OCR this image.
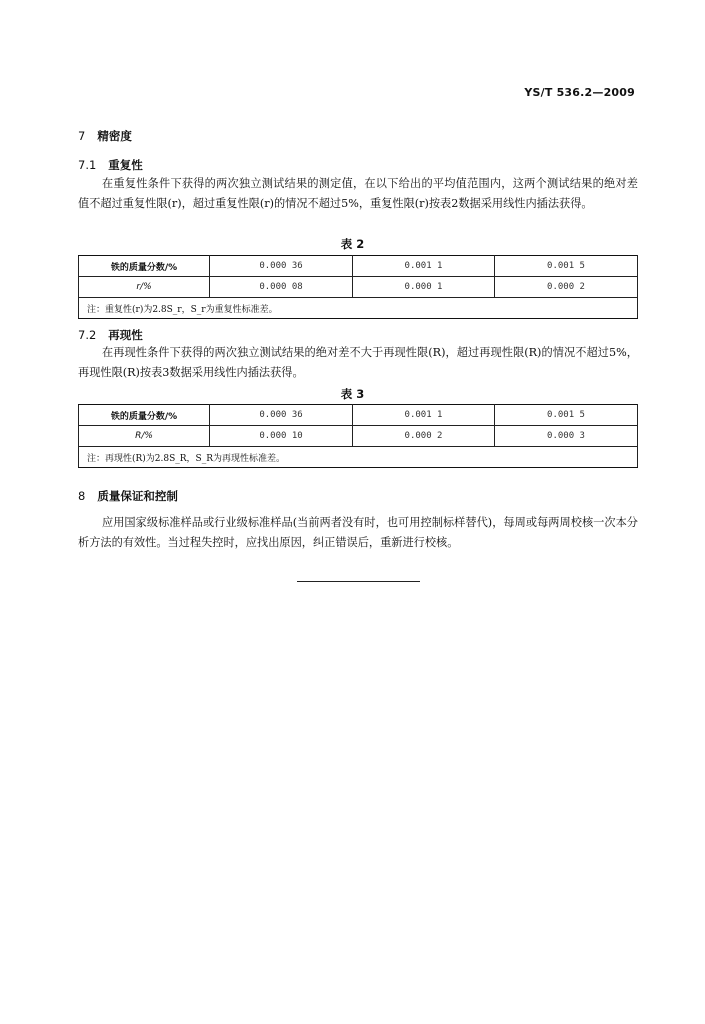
YS/T 536.2—2009
7 精密度
7.1 重复性
在重复性条件下获得的两次独立测试结果的测定值，在以下给出的平均值范围内，这两个测试结果的绝对差值不超过重复性限(r)，超过重复性限(r)的情况不超过5%，重复性限(r)按表2数据采用线性内插法获得。
表 2
铁的质量分数/%	0.000 36	0.001 1	0.001 5
r/%	0.000 08	0.000 1	0.000 2
注：重复性(r)为2.8S_r，S_r为重复性标准差。			
7.2 再现性
在再现性条件下获得的两次独立测试结果的绝对差不大于再现性限(R)，超过再现性限(R)的情况不超过5%，再现性限(R)按表3数据采用线性内插法获得。
表 3
铁的质量分数/%	0.000 36	0.001 1	0.001 5
R/%	0.000 10	0.000 2	0.000 3
注：再现性(R)为2.8S_R，S_R为再现性标准差。			
8 质量保证和控制
应用国家级标准样品或行业级标准样品(当前两者没有时，也可用控制标样替代)，每周或每两周校核一次本分析方法的有效性。当过程失控时，应找出原因，纠正错误后，重新进行校核。
